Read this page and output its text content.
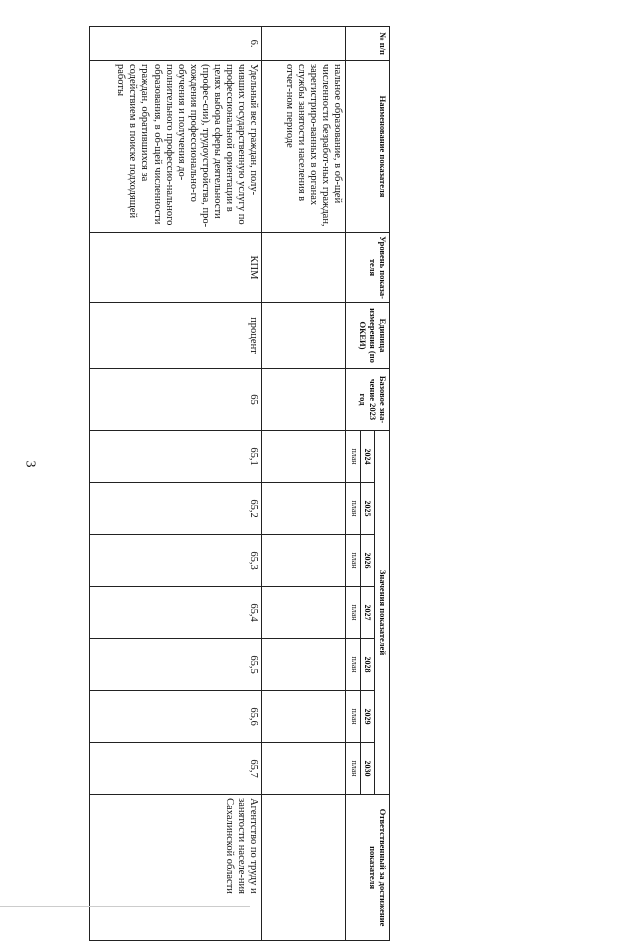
3
№ п/п	Наименование показателя	Уровень показа-теля	Единица измерения (по ОКЕИ)	Базовое зна-чение 2023 год	Значения показателей							Ответственный за достижение показателя
					2024	2025	2026	2027	2028	2029	2030	
					план	план	план	план	план	план	план	
	нальное образование, в об-щей численности безработ-ных граждан, зарегистриро-ванных в органах службы занятости населения в отчет-ном периоде											
6.	Удельный вес граждан, полу-чивших государственную услугу по профессиональной ориентации в целях выбора сферы деятельности (профес-сии), трудоустройства, про-хождения профессионально-го обучения и получения до-полнительного профессио-нального образования, в об-щей численности граждан, обратившихся за содействием в поиске подходящей работы	КПМ	процент	65	65,1	65,2	65,3	65,4	65,5	65,6	65,7	Агентство по труду и занятости населе-ния Сахалинской области
